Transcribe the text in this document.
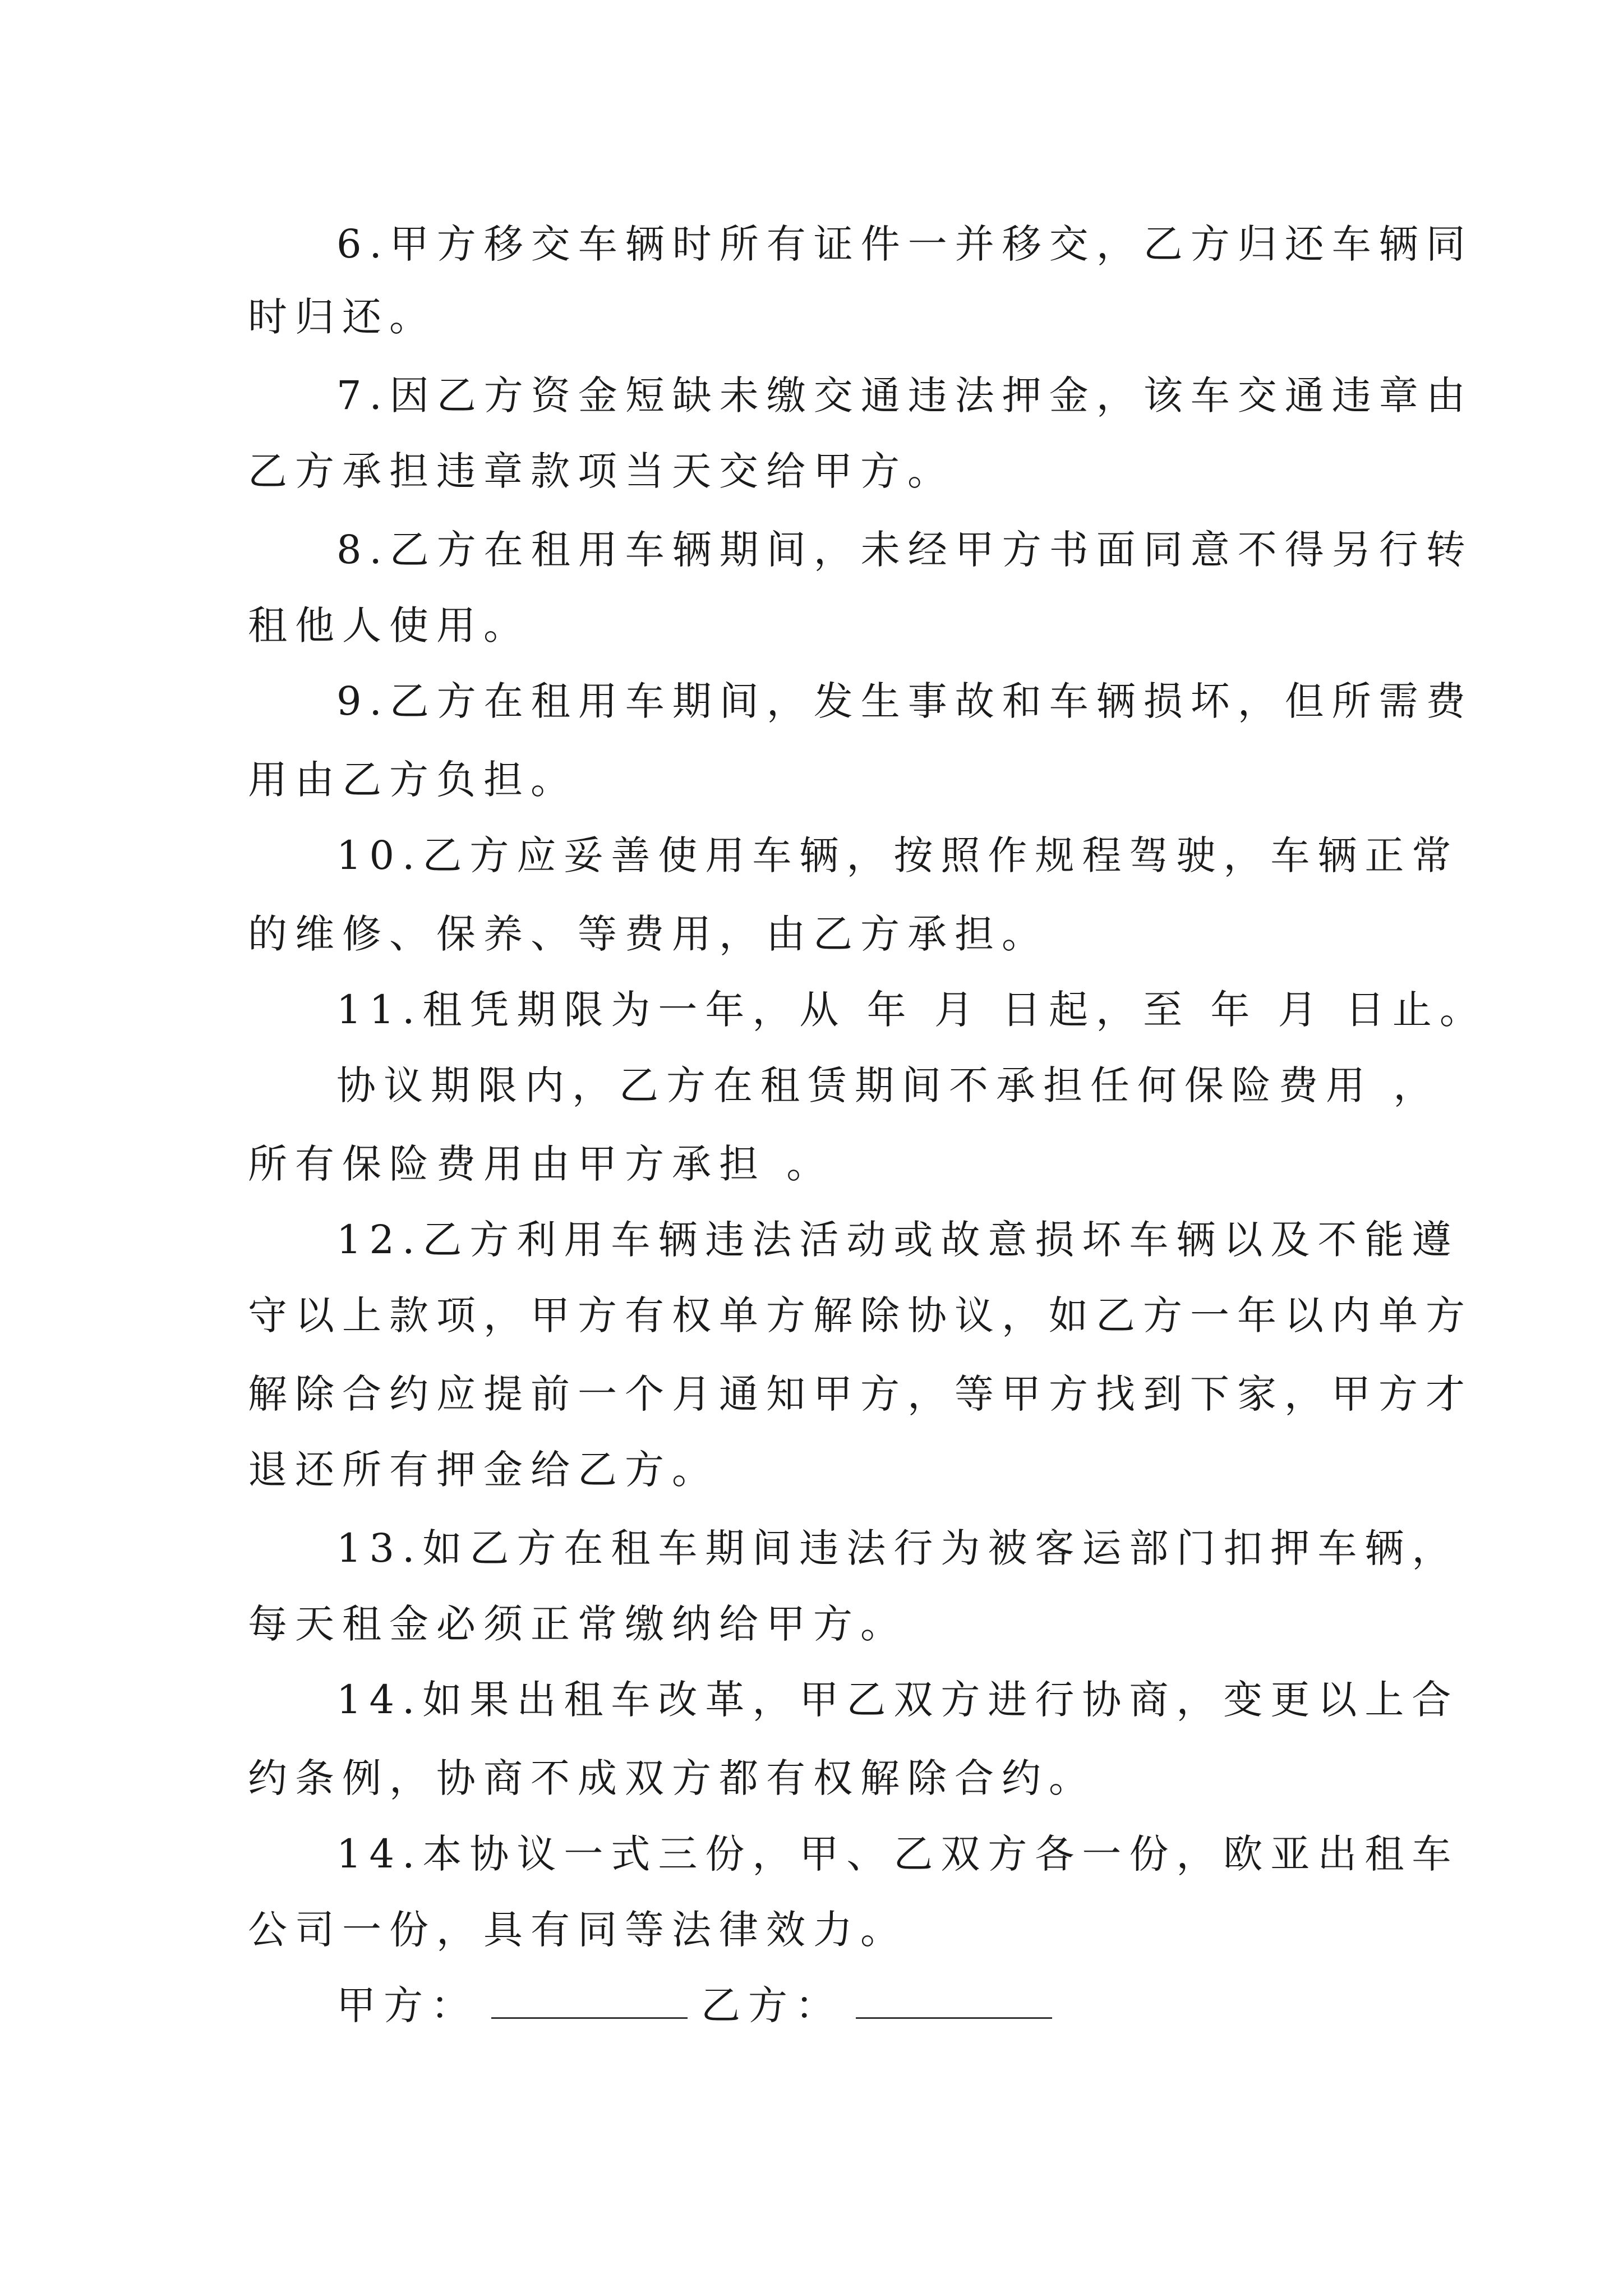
6.甲方移交车辆时所有证件一并移交，乙方归还车辆同
时归还。
7.因乙方资金短缺未缴交通违法押金，该车交通违章由
乙方承担违章款项当天交给甲方。
8.乙方在租用车辆期间，未经甲方书面同意不得另行转
租他人使用。
9.乙方在租用车期间，发生事故和车辆损坏，但所需费
用由乙方负担。
10.乙方应妥善使用车辆，按照作规程驾驶，车辆正常
的维修、保养、等费用，由乙方承担。
11.租凭期限为一年，从 年 月 日起，至 年 月 日止。
协议期限内，乙方在租赁期间不承担任何保险费用 ，
所有保险费用由甲方承担 。
12.乙方利用车辆违法活动或故意损坏车辆以及不能遵
守以上款项，甲方有权单方解除协议，如乙方一年以内单方
解除合约应提前一个月通知甲方，等甲方找到下家，甲方才
退还所有押金给乙方。
13.如乙方在租车期间违法行为被客运部门扣押车辆，
每天租金必须正常缴纳给甲方。
14.如果出租车改革，甲乙双方进行协商，变更以上合
约条例，协商不成双方都有权解除合约。
14.本协议一式三份，甲、乙双方各一份，欧亚出租车
公司一份，具有同等法律效力。
甲方：	乙方：
